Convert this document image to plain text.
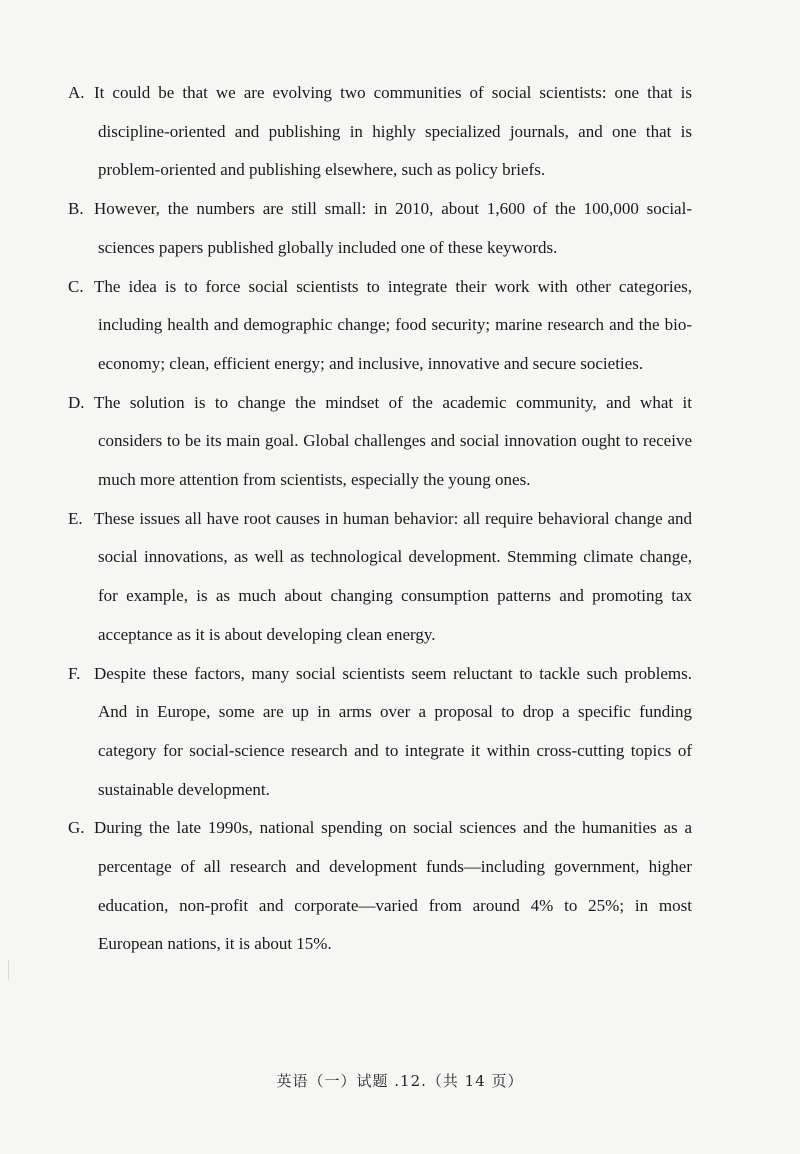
A. It could be that we are evolving two communities of social scientists: one that is discipline-oriented and publishing in highly specialized journals, and one that is problem-oriented and publishing elsewhere, such as policy briefs.
B. However, the numbers are still small: in 2010, about 1,600 of the 100,000 social-sciences papers published globally included one of these keywords.
C. The idea is to force social scientists to integrate their work with other categories, including health and demographic change; food security; marine research and the bio-economy; clean, efficient energy; and inclusive, innovative and secure societies.
D. The solution is to change the mindset of the academic community, and what it considers to be its main goal. Global challenges and social innovation ought to receive much more attention from scientists, especially the young ones.
E. These issues all have root causes in human behavior: all require behavioral change and social innovations, as well as technological development. Stemming climate change, for example, is as much about changing consumption patterns and promoting tax acceptance as it is about developing clean energy.
F. Despite these factors, many social scientists seem reluctant to tackle such problems. And in Europe, some are up in arms over a proposal to drop a specific funding category for social-science research and to integrate it within cross-cutting topics of sustainable development.
G. During the late 1990s, national spending on social sciences and the humanities as a percentage of all research and development funds—including government, higher education, non-profit and corporate—varied from around 4% to 25%; in most European nations, it is about 15%.
英语（一）试题 .12.（共 14 页）
